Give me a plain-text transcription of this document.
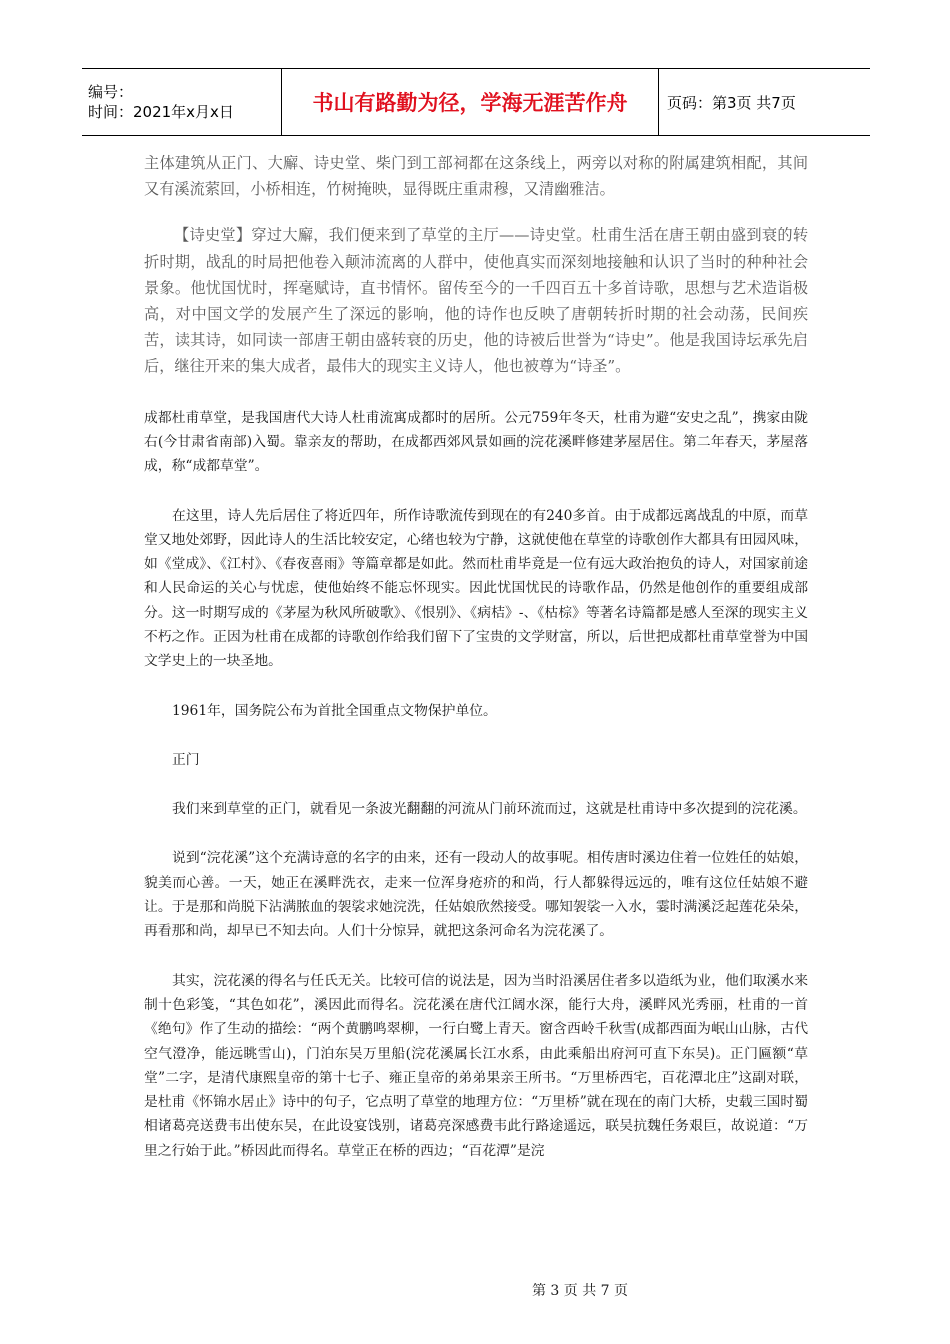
编号：
时间：2021年x月x日	书山有路勤为径，学海无涯苦作舟	页码：第3页 共7页

主体建筑从正门、大廨、诗史堂、柴门到工部祠都在这条线上，两旁以对称的附属建筑相配，其间又有溪流萦回，小桥相连，竹树掩映，显得既庄重肃穆，又清幽雅洁。

【诗史堂】穿过大廨，我们便来到了草堂的主厅——诗史堂。杜甫生活在唐王朝由盛到衰的转折时期，战乱的时局把他卷入颠沛流离的人群中，使他真实而深刻地接触和认识了当时的种种社会景象。他忧国忧时，挥毫赋诗，直书情怀。留传至今的一千四百五十多首诗歌，思想与艺术造诣极高，对中国文学的发展产生了深远的影响，他的诗作也反映了唐朝转折时期的社会动荡，民间疾苦，读其诗，如同读一部唐王朝由盛转衰的历史，他的诗被后世誉为“诗史”。他是我国诗坛承先启后，继往开来的集大成者，最伟大的现实主义诗人，他也被尊为“诗圣”。

成都杜甫草堂，是我国唐代大诗人杜甫流寓成都时的居所。公元759年冬天，杜甫为避“安史之乱”，携家由陇右(今甘肃省南部)入蜀。靠亲友的帮助，在成都西郊风景如画的浣花溪畔修建茅屋居住。第二年春天，茅屋落成，称“成都草堂”。

在这里，诗人先后居住了将近四年，所作诗歌流传到现在的有240多首。由于成都远离战乱的中原，而草堂又地处郊野，因此诗人的生活比较安定，心绪也较为宁静，这就使他在草堂的诗歌创作大都具有田园风味，如《堂成》、《江村》、《春夜喜雨》等篇章都是如此。然而杜甫毕竟是一位有远大政治抱负的诗人，对国家前途和人民命运的关心与忧虑，使他始终不能忘怀现实。因此忧国忧民的诗歌作品，仍然是他创作的重要组成部分。这一时期写成的《茅屋为秋风所破歌》、《恨别》、《病桔》-、《枯棕》等著名诗篇都是感人至深的现实主义不朽之作。正因为杜甫在成都的诗歌创作给我们留下了宝贵的文学财富，所以，后世把成都杜甫草堂誉为中国文学史上的一块圣地。

1961年，国务院公布为首批全国重点文物保护单位。

正门

我们来到草堂的正门，就看见一条波光翻翻的河流从门前环流而过，这就是杜甫诗中多次提到的浣花溪。

说到“浣花溪”这个充满诗意的名字的由来，还有一段动人的故事呢。相传唐时溪边住着一位姓任的姑娘，貌美而心善。一天，她正在溪畔洗衣，走来一位浑身疮疥的和尚，行人都躲得远远的，唯有这位任姑娘不避让。于是那和尚脱下沾满脓血的袈裟求她浣洗，任姑娘欣然接受。哪知袈裟一入水，霎时满溪泛起莲花朵朵，再看那和尚，却早已不知去向。人们十分惊异，就把这条河命名为浣花溪了。

其实，浣花溪的得名与任氏无关。比较可信的说法是，因为当时沿溪居住者多以造纸为业，他们取溪水来制十色彩笺，“其色如花”，溪因此而得名。浣花溪在唐代江阔水深，能行大舟，溪畔风光秀丽，杜甫的一首《绝句》作了生动的描绘：“两个黄鹏鸣翠柳，一行白鹭上青天。窗含西岭千秋雪(成都西面为岷山山脉，古代空气澄净，能远眺雪山)，门泊东吴万里船(浣花溪属长江水系，由此乘船出府河可直下东吴)。正门匾额“草堂”二字，是清代康熙皇帝的第十七子、雍正皇帝的弟弟果亲王所书。“万里桥西宅，百花潭北庄”这副对联，是杜甫《怀锦水居止》诗中的句子，它点明了草堂的地理方位：“万里桥”就在现在的南门大桥，史载三国时蜀相诸葛亮送费韦出使东吴，在此设宴饯别，诸葛亮深感费韦此行路途遥远，联吴抗魏任务艰巨，故说道：“万里之行始于此。”桥因此而得名。草堂正在桥的西边；“百花潭”是浣

第 3 页 共 7 页
